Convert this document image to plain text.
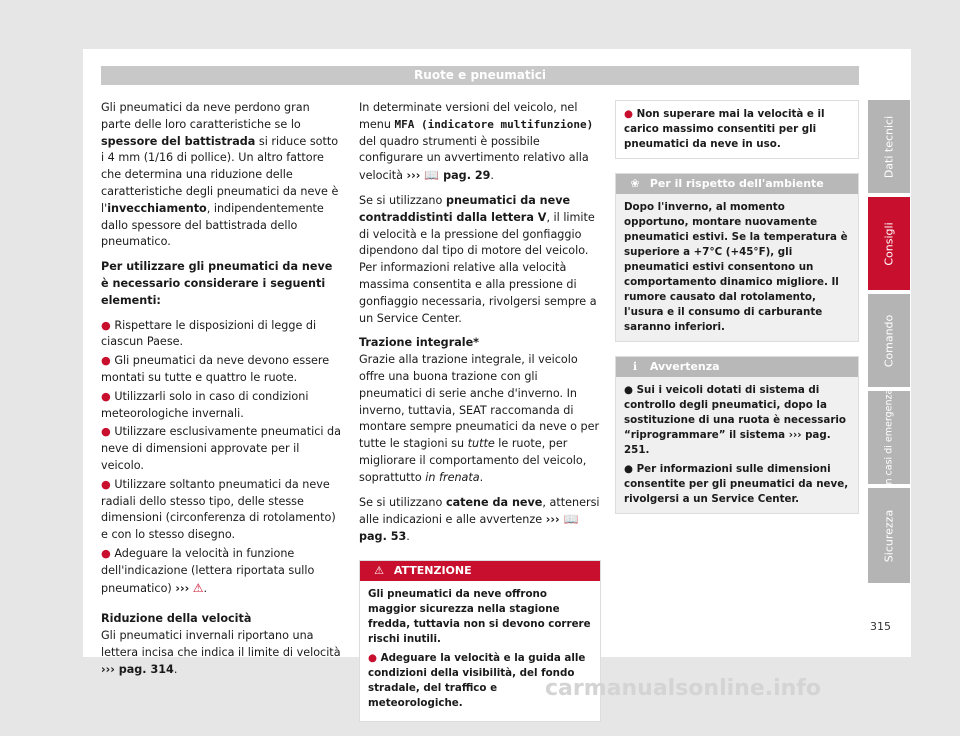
Ruote e pneumatici

Gli pneumatici da neve perdono gran parte delle loro caratteristiche se lo spessore del battistrada si riduce sotto i 4 mm (1/16 di pollice). Un altro fattore che determina una riduzione delle caratteristiche degli pneumatici da neve è l'invecchiamento, indipendentemente dallo spessore del battistrada dello pneumatico.

Per utilizzare gli pneumatici da neve è necessario considerare i seguenti elementi:

● Rispettare le disposizioni di legge di ciascun Paese.
● Gli pneumatici da neve devono essere montati su tutte e quattro le ruote.
● Utilizzarli solo in caso di condizioni meteorologiche invernali.
● Utilizzare esclusivamente pneumatici da neve di dimensioni approvate per il veicolo.
● Utilizzare soltanto pneumatici da neve radiali dello stesso tipo, delle stesse dimensioni (circonferenza di rotolamento) e con lo stesso disegno.
● Adeguare la velocità in funzione dell'indicazione (lettera riportata sullo pneumatico) ››› ⚠.

Riduzione della velocità

Gli pneumatici invernali riportano una lettera incisa che indica il limite di velocità ››› pag. 314.

In determinate versioni del veicolo, nel menu MFA (indicatore multifunzione) del quadro strumenti è possibile configurare un avvertimento relativo alla velocità ››› 📖 pag. 29.

Se si utilizzano pneumatici da neve contraddistinti dalla lettera V, il limite di velocità e la pressione del gonfiaggio dipendono dal tipo di motore del veicolo. Per informazioni relative alla velocità massima consentita e alla pressione di gonfiaggio necessaria, rivolgersi sempre a un Service Center.

Trazione integrale*

Grazie alla trazione integrale, il veicolo offre una buona trazione con gli pneumatici di serie anche d'inverno. In inverno, tuttavia, SEAT raccomanda di montare sempre pneumatici da neve o per tutte le stagioni su tutte le ruote, per migliorare il comportamento del veicolo, soprattutto in frenata.

Se si utilizzano catene da neve, attenersi alle indicazioni e alle avvertenze ››› 📖 pag. 53.

⚠ ATTENZIONE

Gli pneumatici da neve offrono maggior sicurezza nella stagione fredda, tuttavia non si devono correre rischi inutili.

● Adeguare la velocità e la guida alle condizioni della visibilità, del fondo stradale, del traffico e meteorologiche.

● Non superare mai la velocità e il carico massimo consentiti per gli pneumatici da neve in uso.

❀ Per il rispetto dell'ambiente

Dopo l'inverno, al momento opportuno, montare nuovamente pneumatici estivi. Se la temperatura è superiore a +7°C (+45°F), gli pneumatici estivi consentono un comportamento dinamico migliore. Il rumore causato dal rotolamento, l'usura e il consumo di carburante saranno inferiori.

ℹ Avvertenza

● Sui i veicoli dotati di sistema di controllo degli pneumatici, dopo la sostituzione di una ruota è necessario “riprogrammare” il sistema ››› pag. 251.

● Per informazioni sulle dimensioni consentite per gli pneumatici da neve, rivolgersi a un Service Center.

Dati tecnici
Consigli
Comando
In casi di emergenza
Sicurezza
315
carmanualsonline.info
